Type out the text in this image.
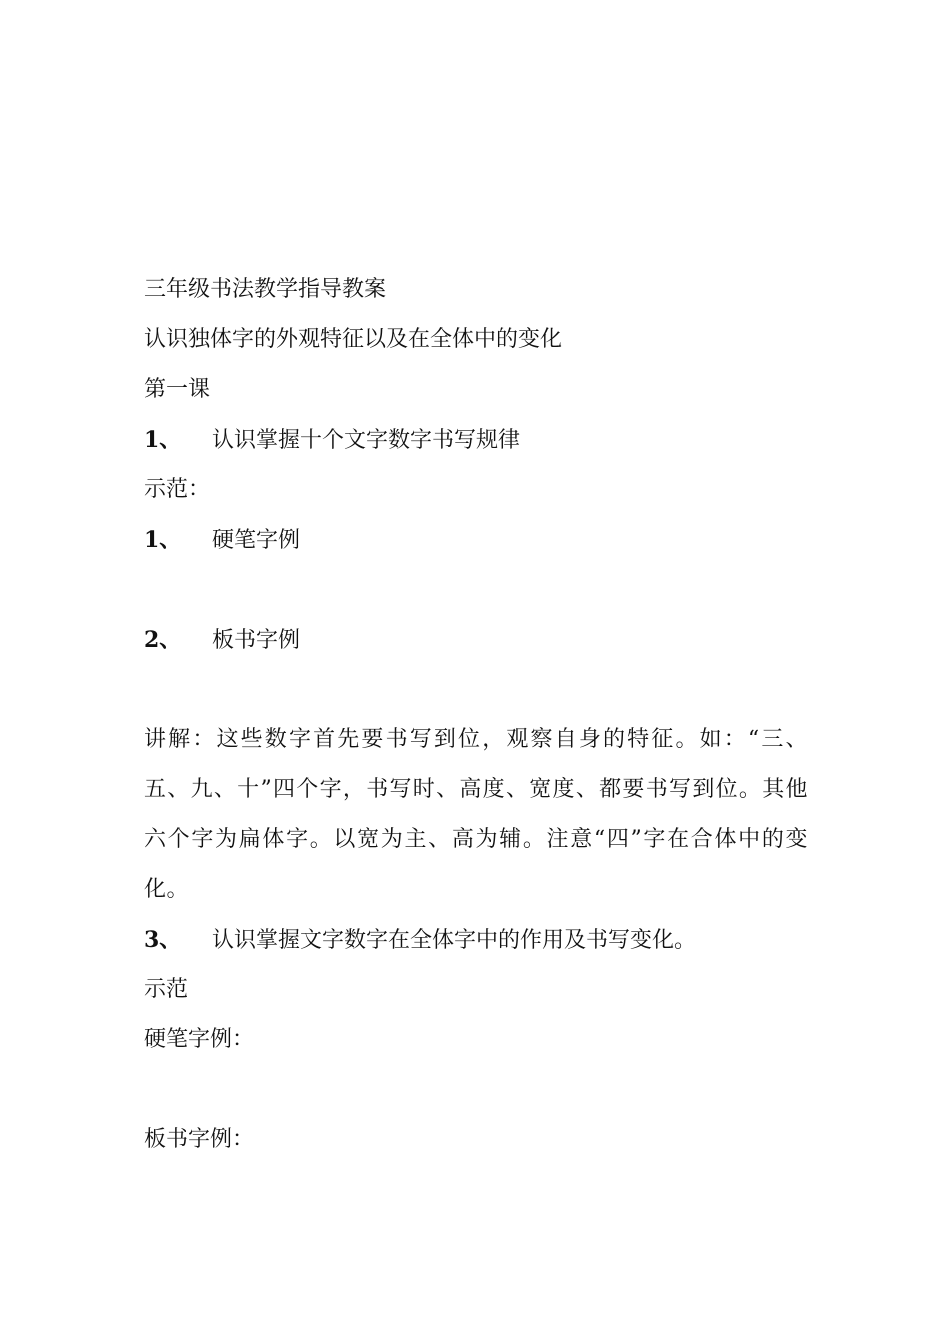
三年级书法教学指导教案
认识独体字的外观特征以及在全体中的变化
第一课
1、 认识掌握十个文字数字书写规律
示范：
1、 硬笔字例
2、 板书字例
讲解：这些数字首先要书写到位，观察自身的特征。如：“三、五、九、十”四个字，书写时、高度、宽度、都要书写到位。其他六个字为扁体字。以宽为主、高为辅。注意“四”字在合体中的变化。
3、 认识掌握文字数字在全体字中的作用及书写变化。
示范
硬笔字例：
板书字例：
